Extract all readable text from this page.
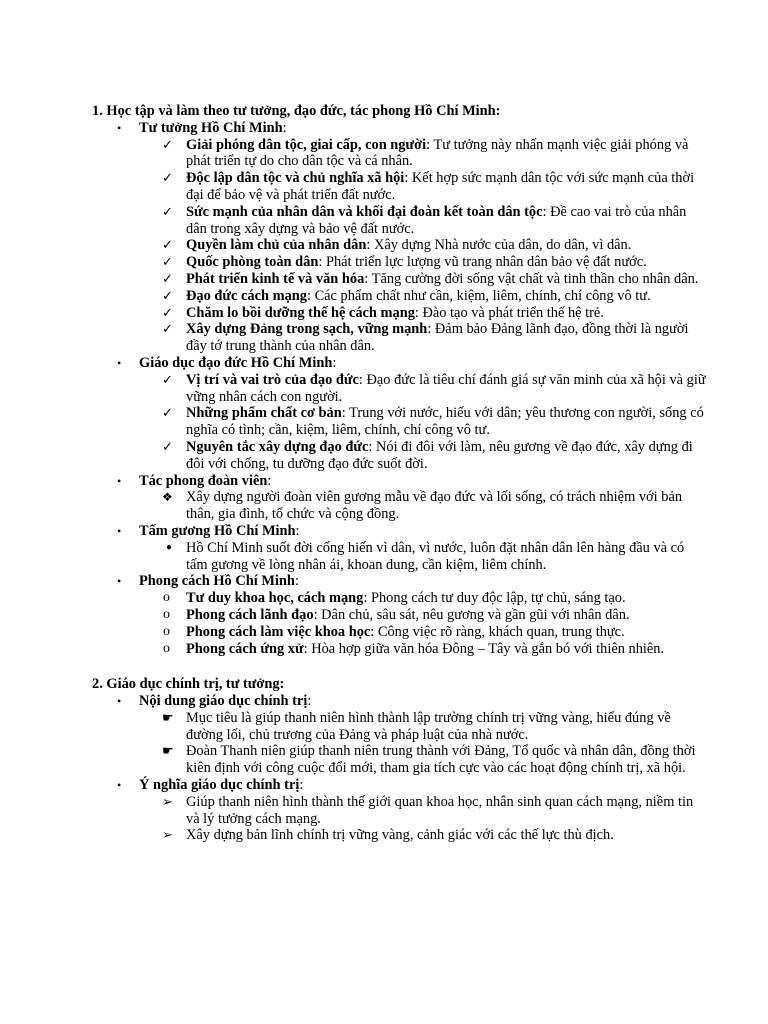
1. Học tập và làm theo tư tưởng, đạo đức, tác phong Hồ Chí Minh:

• Tư tưởng Hồ Chí Minh:
✓ Giải phóng dân tộc, giai cấp, con người: Tư tưởng này nhấn mạnh việc giải phóng và phát triển tự do cho dân tộc và cá nhân.
✓ Độc lập dân tộc và chủ nghĩa xã hội: Kết hợp sức mạnh dân tộc với sức mạnh của thời đại để bảo vệ và phát triển đất nước.
✓ Sức mạnh của nhân dân và khối đại đoàn kết toàn dân tộc: Đề cao vai trò của nhân dân trong xây dựng và bảo vệ đất nước.
✓ Quyền làm chủ của nhân dân: Xây dựng Nhà nước của dân, do dân, vì dân.
✓ Quốc phòng toàn dân: Phát triển lực lượng vũ trang nhân dân bảo vệ đất nước.
✓ Phát triển kinh tế và văn hóa: Tăng cường đời sống vật chất và tinh thần cho nhân dân.
✓ Đạo đức cách mạng: Các phẩm chất như cần, kiệm, liêm, chính, chí công vô tư.
✓ Chăm lo bồi dưỡng thế hệ cách mạng: Đào tạo và phát triển thế hệ trẻ.
✓ Xây dựng Đảng trong sạch, vững mạnh: Đảm bảo Đảng lãnh đạo, đồng thời là người đầy tớ trung thành của nhân dân.
• Giáo dục đạo đức Hồ Chí Minh:
✓ Vị trí và vai trò của đạo đức: Đạo đức là tiêu chí đánh giá sự văn minh của xã hội và giữ vững nhân cách con người.
✓ Những phẩm chất cơ bản: Trung với nước, hiếu với dân; yêu thương con người, sống có nghĩa có tình; cần, kiệm, liêm, chính, chí công vô tư.
✓ Nguyên tắc xây dựng đạo đức: Nói đi đôi với làm, nêu gương về đạo đức, xây dựng đi đôi với chống, tu dưỡng đạo đức suốt đời.
• Tác phong đoàn viên:
❖ Xây dựng người đoàn viên gương mẫu về đạo đức và lối sống, có trách nhiệm với bản thân, gia đình, tổ chức và cộng đồng.
• Tấm gương Hồ Chí Minh:
● Hồ Chí Minh suốt đời cống hiến vì dân, vì nước, luôn đặt nhân dân lên hàng đầu và có tấm gương về lòng nhân ái, khoan dung, cần kiệm, liêm chính.
• Phong cách Hồ Chí Minh:
o	Tư duy khoa học, cách mạng: Phong cách tư duy độc lập, tự chủ, sáng tạo.
o	Phong cách lãnh đạo: Dân chủ, sâu sát, nêu gương và gần gũi với nhân dân.
o	Phong cách làm việc khoa học: Công việc rõ ràng, khách quan, trung thực.
o	Phong cách ứng xử: Hòa hợp giữa văn hóa Đông – Tây và gắn bó với thiên nhiên.

2. Giáo dục chính trị, tư tưởng:

• Nội dung giáo dục chính trị:
☛ Mục tiêu là giúp thanh niên hình thành lập trường chính trị vững vàng, hiểu đúng về đường lối, chủ trương của Đảng và pháp luật của nhà nước.
☛ Đoàn Thanh niên giúp thanh niên trung thành với Đảng, Tổ quốc và nhân dân, đồng thời kiên định với công cuộc đổi mới, tham gia tích cực vào các hoạt động chính trị, xã hội.
• Ý nghĩa giáo dục chính trị:
➢ Giúp thanh niên hình thành thế giới quan khoa học, nhân sinh quan cách mạng, niềm tin và lý tưởng cách mạng.
➢ Xây dựng bản lĩnh chính trị vững vàng, cảnh giác với các thế lực thù địch.
